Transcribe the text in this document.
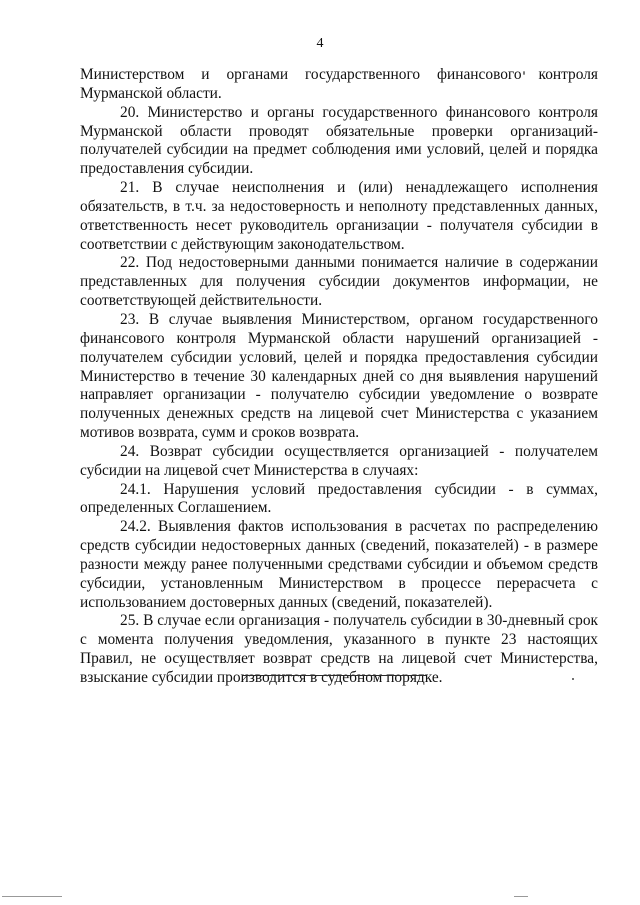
4

Министерством и органами государственного финансового контроля Мурманской области.

20. Министерство и органы государственного финансового контроля Мурманской области проводят обязательные проверки организаций-получателей субсидии на предмет соблюдения ими условий, целей и порядка предоставления субсидии.

21. В случае неисполнения и (или) ненадлежащего исполнения обязательств, в т.ч. за недостоверность и неполноту представленных данных, ответственность несет руководитель организации - получателя субсидии в соответствии с действующим законодательством.

22. Под недостоверными данными понимается наличие в содержании представленных для получения субсидии документов информации, не соответствующей действительности.

23. В случае выявления Министерством, органом государственного финансового контроля Мурманской области нарушений организацией - получателем субсидии условий, целей и порядка предоставления субсидии Министерство в течение 30 календарных дней со дня выявления нарушений направляет организации - получателю субсидии уведомление о возврате полученных денежных средств на лицевой счет Министерства с указанием мотивов возврата, сумм и сроков возврата.

24. Возврат субсидии осуществляется организацией - получателем субсидии на лицевой счет Министерства в случаях:

24.1. Нарушения условий предоставления субсидии - в суммах, определенных Соглашением.

24.2. Выявления фактов использования в расчетах по распределению средств субсидии недостоверных данных (сведений, показателей) - в размере разности между ранее полученными средствами субсидии и объемом средств субсидии, установленным Министерством в процессе перерасчета с использованием достоверных данных (сведений, показателей).

25. В случае если организация - получатель субсидии в 30-дневный срок с момента получения уведомления, указанного в пункте 23 настоящих Правил, не осуществляет возврат средств на лицевой счет Министерства, взыскание субсидии производится в судебном порядке.
